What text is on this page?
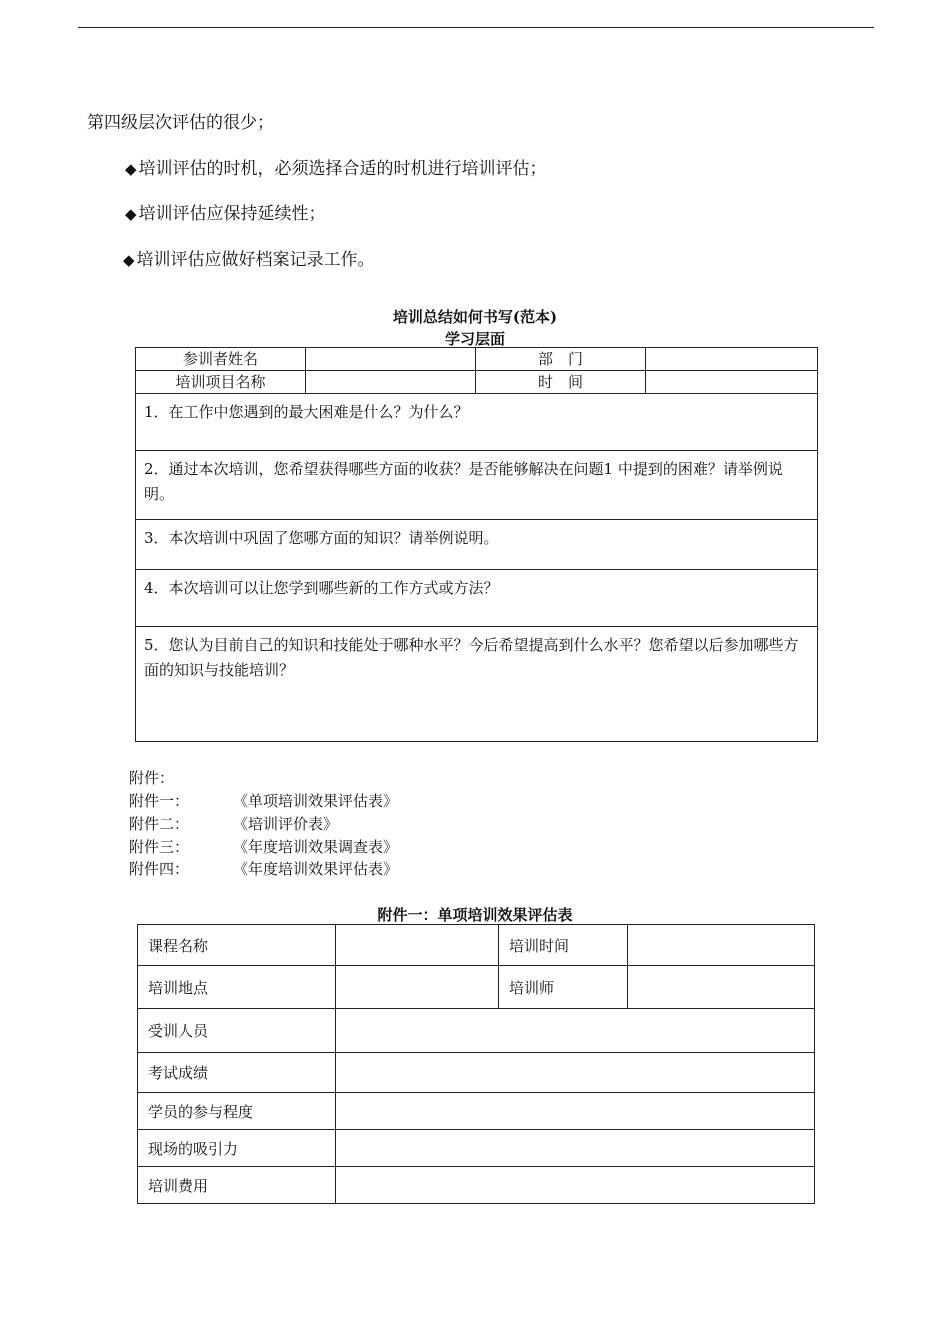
第四级层次评估的很少；
◆ 培训评估的时机，必须选择合适的时机进行培训评估；
◆ 培训评估应保持延续性；
◆ 培训评估应做好档案记录工作。
培训总结如何书写(范本)
学习层面
参训者姓名		部　门	
培训项目名称		时　间	
1．在工作中您遇到的最大困难是什么？为什么？			
2．通过本次培训，您希望获得哪些方面的收获？是否能够解决在问题1 中提到的困难？请举例说明。			
3．本次培训中巩固了您哪方面的知识？请举例说明。			
4．本次培训可以让您学到哪些新的工作方式或方法？			
5．您认为目前自己的知识和技能处于哪种水平？今后希望提高到什么水平？您希望以后参加哪些方面的知识与技能培训？			
附件：
附件一：	《单项培训效果评估表》
附件二：	《培训评价表》
附件三：	《年度培训效果调查表》
附件四：	《年度培训效果评估表》
附件一：单项培训效果评估表
课程名称		培训时间	
培训地点		培训师	
受训人员			
考试成绩			
学员的参与程度			
现场的吸引力			
培训费用			
